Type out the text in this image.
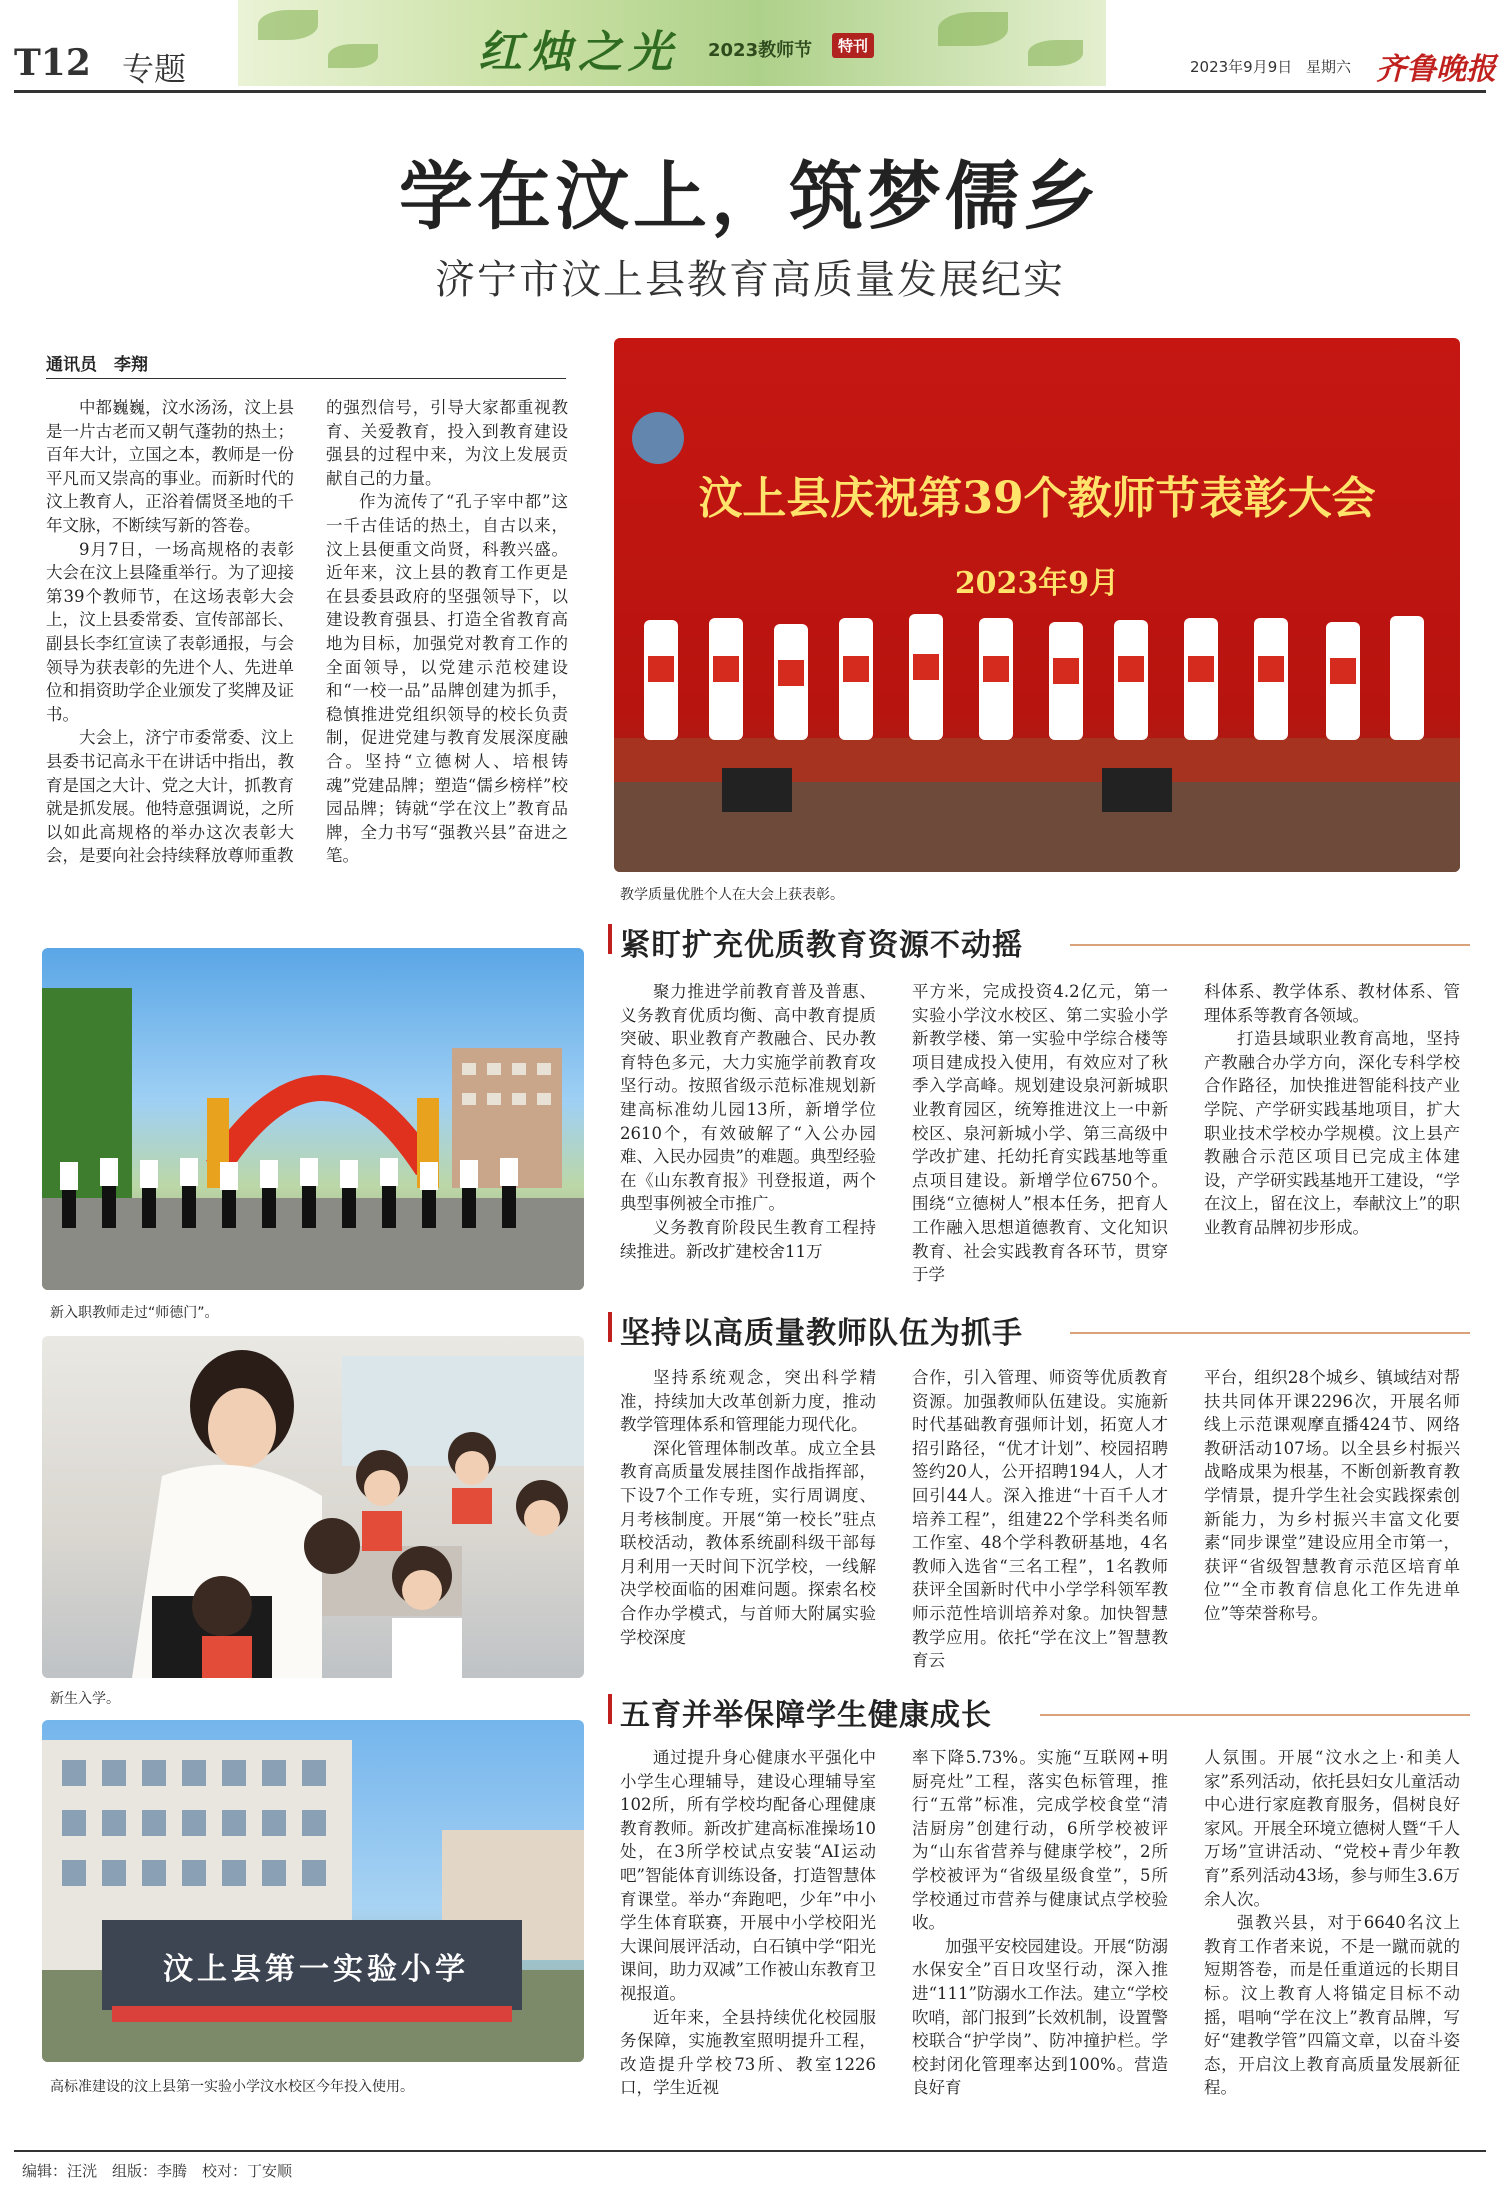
T12 专题	红烛之光 2023教师节	特刊
2023年9月9日 星期六 齐鲁晚报
学在汶上，筑梦儒乡
济宁市汶上县教育高质量发展纪实
通讯员　李翔

中都巍巍，汶水汤汤，汶上县是一片古老而又朝气蓬勃的热土；百年大计，立国之本，教师是一份平凡而又崇高的事业。而新时代的汶上教育人，正浴着儒贤圣地的千年文脉，不断续写新的答卷。

9月7日，一场高规格的表彰大会在汶上县隆重举行。为了迎接第39个教师节，在这场表彰大会上，汶上县委常委、宣传部部长、副县长李红宣读了表彰通报，与会领导为获表彰的先进个人、先进单位和捐资助学企业颁发了奖牌及证书。

大会上，济宁市委常委、汶上县委书记高永干在讲话中指出，教育是国之大计、党之大计，抓教育就是抓发展。他特意强调说，之所以如此高规格的举办这次表彰大会，是要向社会持续释放尊师重教

的强烈信号，引导大家都重视教育、关爱教育，投入到教育建设强县的过程中来，为汶上发展贡献自己的力量。

作为流传了“孔子宰中都”这一千古佳话的热土，自古以来，汶上县便重文尚贤，科教兴盛。近年来，汶上县的教育工作更是在县委县政府的坚强领导下，以建设教育强县、打造全省教育高地为目标，加强党对教育工作的全面领导，以党建示范校建设和“一校一品”品牌创建为抓手，稳慎推进党组织领导的校长负责制，促进党建与教育发展深度融合。坚持“立德树人、培根铸魂”党建品牌；塑造“儒乡榜样”校园品牌；铸就“学在汶上”教育品牌，全力书写“强教兴县”奋进之笔。

汶上县庆祝第39个教师节表彰大会
2023年9月
教学质量优胜个人在大会上获表彰。
新入职教师走过“师德门”。
新生入学。
汶上县第一实验小学
高标准建设的汶上县第一实验小学汶水校区今年投入使用。
紧盯扩充优质教育资源不动摇

聚力推进学前教育普及普惠、义务教育优质均衡、高中教育提质突破、职业教育产教融合、民办教育特色多元，大力实施学前教育攻坚行动。按照省级示范标准规划新建高标准幼儿园13所，新增学位2610个，有效破解了“入公办园难、入民办园贵”的难题。典型经验在《山东教育报》刊登报道，两个典型事例被全市推广。

义务教育阶段民生教育工程持续推进。新改扩建校舍11万

平方米，完成投资4.2亿元，第一实验小学汶水校区、第二实验小学新教学楼、第一实验中学综合楼等项目建成投入使用，有效应对了秋季入学高峰。规划建设泉河新城职业教育园区，统筹推进汶上一中新校区、泉河新城小学、第三高级中学改扩建、托幼托育实践基地等重点项目建设。新增学位6750个。围绕“立德树人”根本任务，把育人工作融入思想道德教育、文化知识教育、社会实践教育各环节，贯穿于学

科体系、教学体系、教材体系、管理体系等教育各领域。

打造县域职业教育高地，坚持产教融合办学方向，深化专科学校合作路径，加快推进智能科技产业学院、产学研实践基地项目，扩大职业技术学校办学规模。汶上县产教融合示范区项目已完成主体建设，产学研实践基地开工建设，“学在汶上，留在汶上，奉献汶上”的职业教育品牌初步形成。

坚持以高质量教师队伍为抓手

坚持系统观念，突出科学精准，持续加大改革创新力度，推动教学管理体系和管理能力现代化。

深化管理体制改革。成立全县教育高质量发展挂图作战指挥部，下设7个工作专班，实行周调度、月考核制度。开展“第一校长”驻点联校活动，教体系统副科级干部每月利用一天时间下沉学校，一线解决学校面临的困难问题。探索名校合作办学模式，与首师大附属实验学校深度

合作，引入管理、师资等优质教育资源。加强教师队伍建设。实施新时代基础教育强师计划，拓宽人才招引路径，“优才计划”、校园招聘签约20人，公开招聘194人，人才回引44人。深入推进“十百千人才培养工程”，组建22个学科类名师工作室、48个学科教研基地，4名教师入选省“三名工程”，1名教师获评全国新时代中小学学科领军教师示范性培训培养对象。加快智慧教学应用。依托“学在汶上”智慧教育云

平台，组织28个城乡、镇域结对帮扶共同体开课2296次，开展名师线上示范课观摩直播424节、网络教研活动107场。以全县乡村振兴战略成果为根基，不断创新教育教学情景，提升学生社会实践探索创新能力，为乡村振兴丰富文化要素“同步课堂”建设应用全市第一，获评“省级智慧教育示范区培育单位”“全市教育信息化工作先进单位”等荣誉称号。

五育并举保障学生健康成长

通过提升身心健康水平强化中小学生心理辅导，建设心理辅导室102所，所有学校均配备心理健康教育教师。新改扩建高标准操场10处，在3所学校试点安装“AI运动吧”智能体育训练设备，打造智慧体育课堂。举办“奔跑吧，少年”中小学生体育联赛，开展中小学校阳光大课间展评活动，白石镇中学“阳光课间，助力双减”工作被山东教育卫视报道。

近年来，全县持续优化校园服务保障，实施教室照明提升工程，改造提升学校73所、教室1226口，学生近视

率下降5.73%。实施“互联网+明厨亮灶”工程，落实色标管理，推行“五常”标准，完成学校食堂“清洁厨房”创建行动，6所学校被评为“山东省营养与健康学校”，2所学校被评为“省级星级食堂”，5所学校通过市营养与健康试点学校验收。

加强平安校园建设。开展“防溺水保安全”百日攻坚行动，深入推进“111”防溺水工作法。建立“学校吹哨，部门报到”长效机制，设置警校联合“护学岗”、防冲撞护栏。学校封闭化管理率达到100%。营造良好育

人氛围。开展“汶水之上·和美人家”系列活动，依托县妇女儿童活动中心进行家庭教育服务，倡树良好家风。开展全环境立德树人暨“千人万场”宣讲活动、“党校+青少年教育”系列活动43场，参与师生3.6万余人次。

强教兴县，对于6640名汶上教育工作者来说，不是一蹴而就的短期答卷，而是任重道远的长期目标。汶上教育人将锚定目标不动摇，唱响“学在汶上”教育品牌，写好“建教学管”四篇文章，以奋斗姿态，开启汶上教育高质量发展新征程。

编辑：汪洸　组版：李腾　校对：丁安顺
